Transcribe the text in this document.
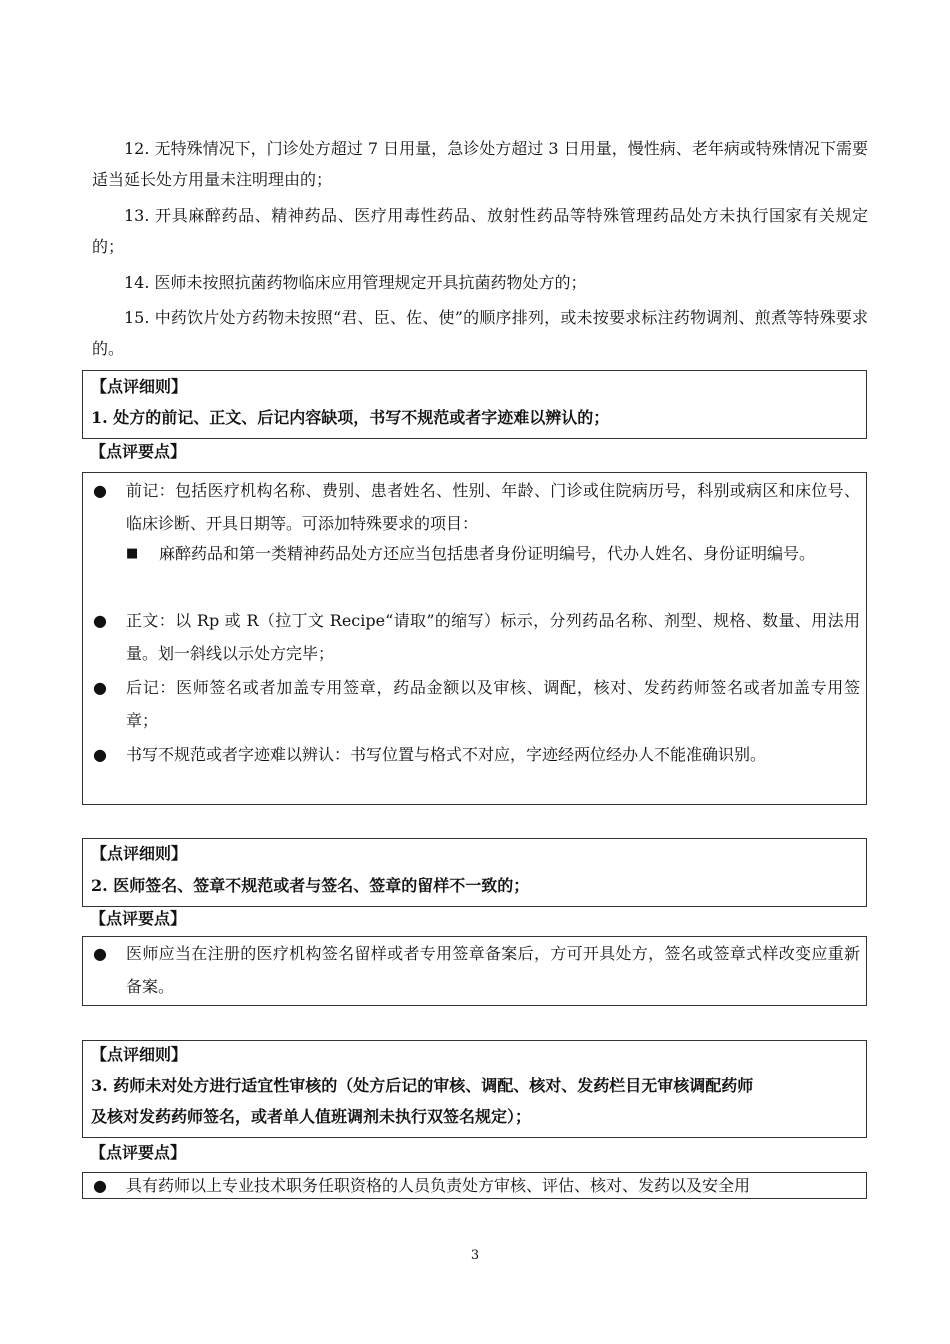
12. 无特殊情况下，门诊处方超过 7 日用量，急诊处方超过 3 日用量，慢性病、老年病或特殊情况下需要适当延长处方用量未注明理由的；

13. 开具麻醉药品、精神药品、医疗用毒性药品、放射性药品等特殊管理药品处方未执行国家有关规定的；

14. 医师未按照抗菌药物临床应用管理规定开具抗菌药物处方的；

15. 中药饮片处方药物未按照“君、臣、佐、使”的顺序排列，或未按要求标注药物调剂、煎煮等特殊要求的。

【点评细则】
1. 处方的前记、正文、后记内容缺项，书写不规范或者字迹难以辨认的；
【点评要点】
● 前记：包括医疗机构名称、费别、患者姓名、性别、年龄、门诊或住院病历号，科别或病区和床位号、临床诊断、开具日期等。可添加特殊要求的项目：
■ 麻醉药品和第一类精神药品处方还应当包括患者身份证明编号，代办人姓名、身份证明编号。
● 正文：以 Rp 或 R（拉丁文 Recipe“请取”的缩写）标示，分列药品名称、剂型、规格、数量、用法用量。划一斜线以示处方完毕；
● 后记：医师签名或者加盖专用签章，药品金额以及审核、调配，核对、发药药师签名或者加盖专用签章；
● 书写不规范或者字迹难以辨认：书写位置与格式不对应，字迹经两位经办人不能准确识别。
【点评细则】
2. 医师签名、签章不规范或者与签名、签章的留样不一致的；
【点评要点】
● 医师应当在注册的医疗机构签名留样或者专用签章备案后，方可开具处方，签名或签章式样改变应重新备案。
【点评细则】
3. 药师未对处方进行适宜性审核的（处方后记的审核、调配、核对、发药栏目无审核调配药师
及核对发药药师签名，或者单人值班调剂未执行双签名规定）；
【点评要点】
● 具有药师以上专业技术职务任职资格的人员负责处方审核、评估、核对、发药以及安全用
3
